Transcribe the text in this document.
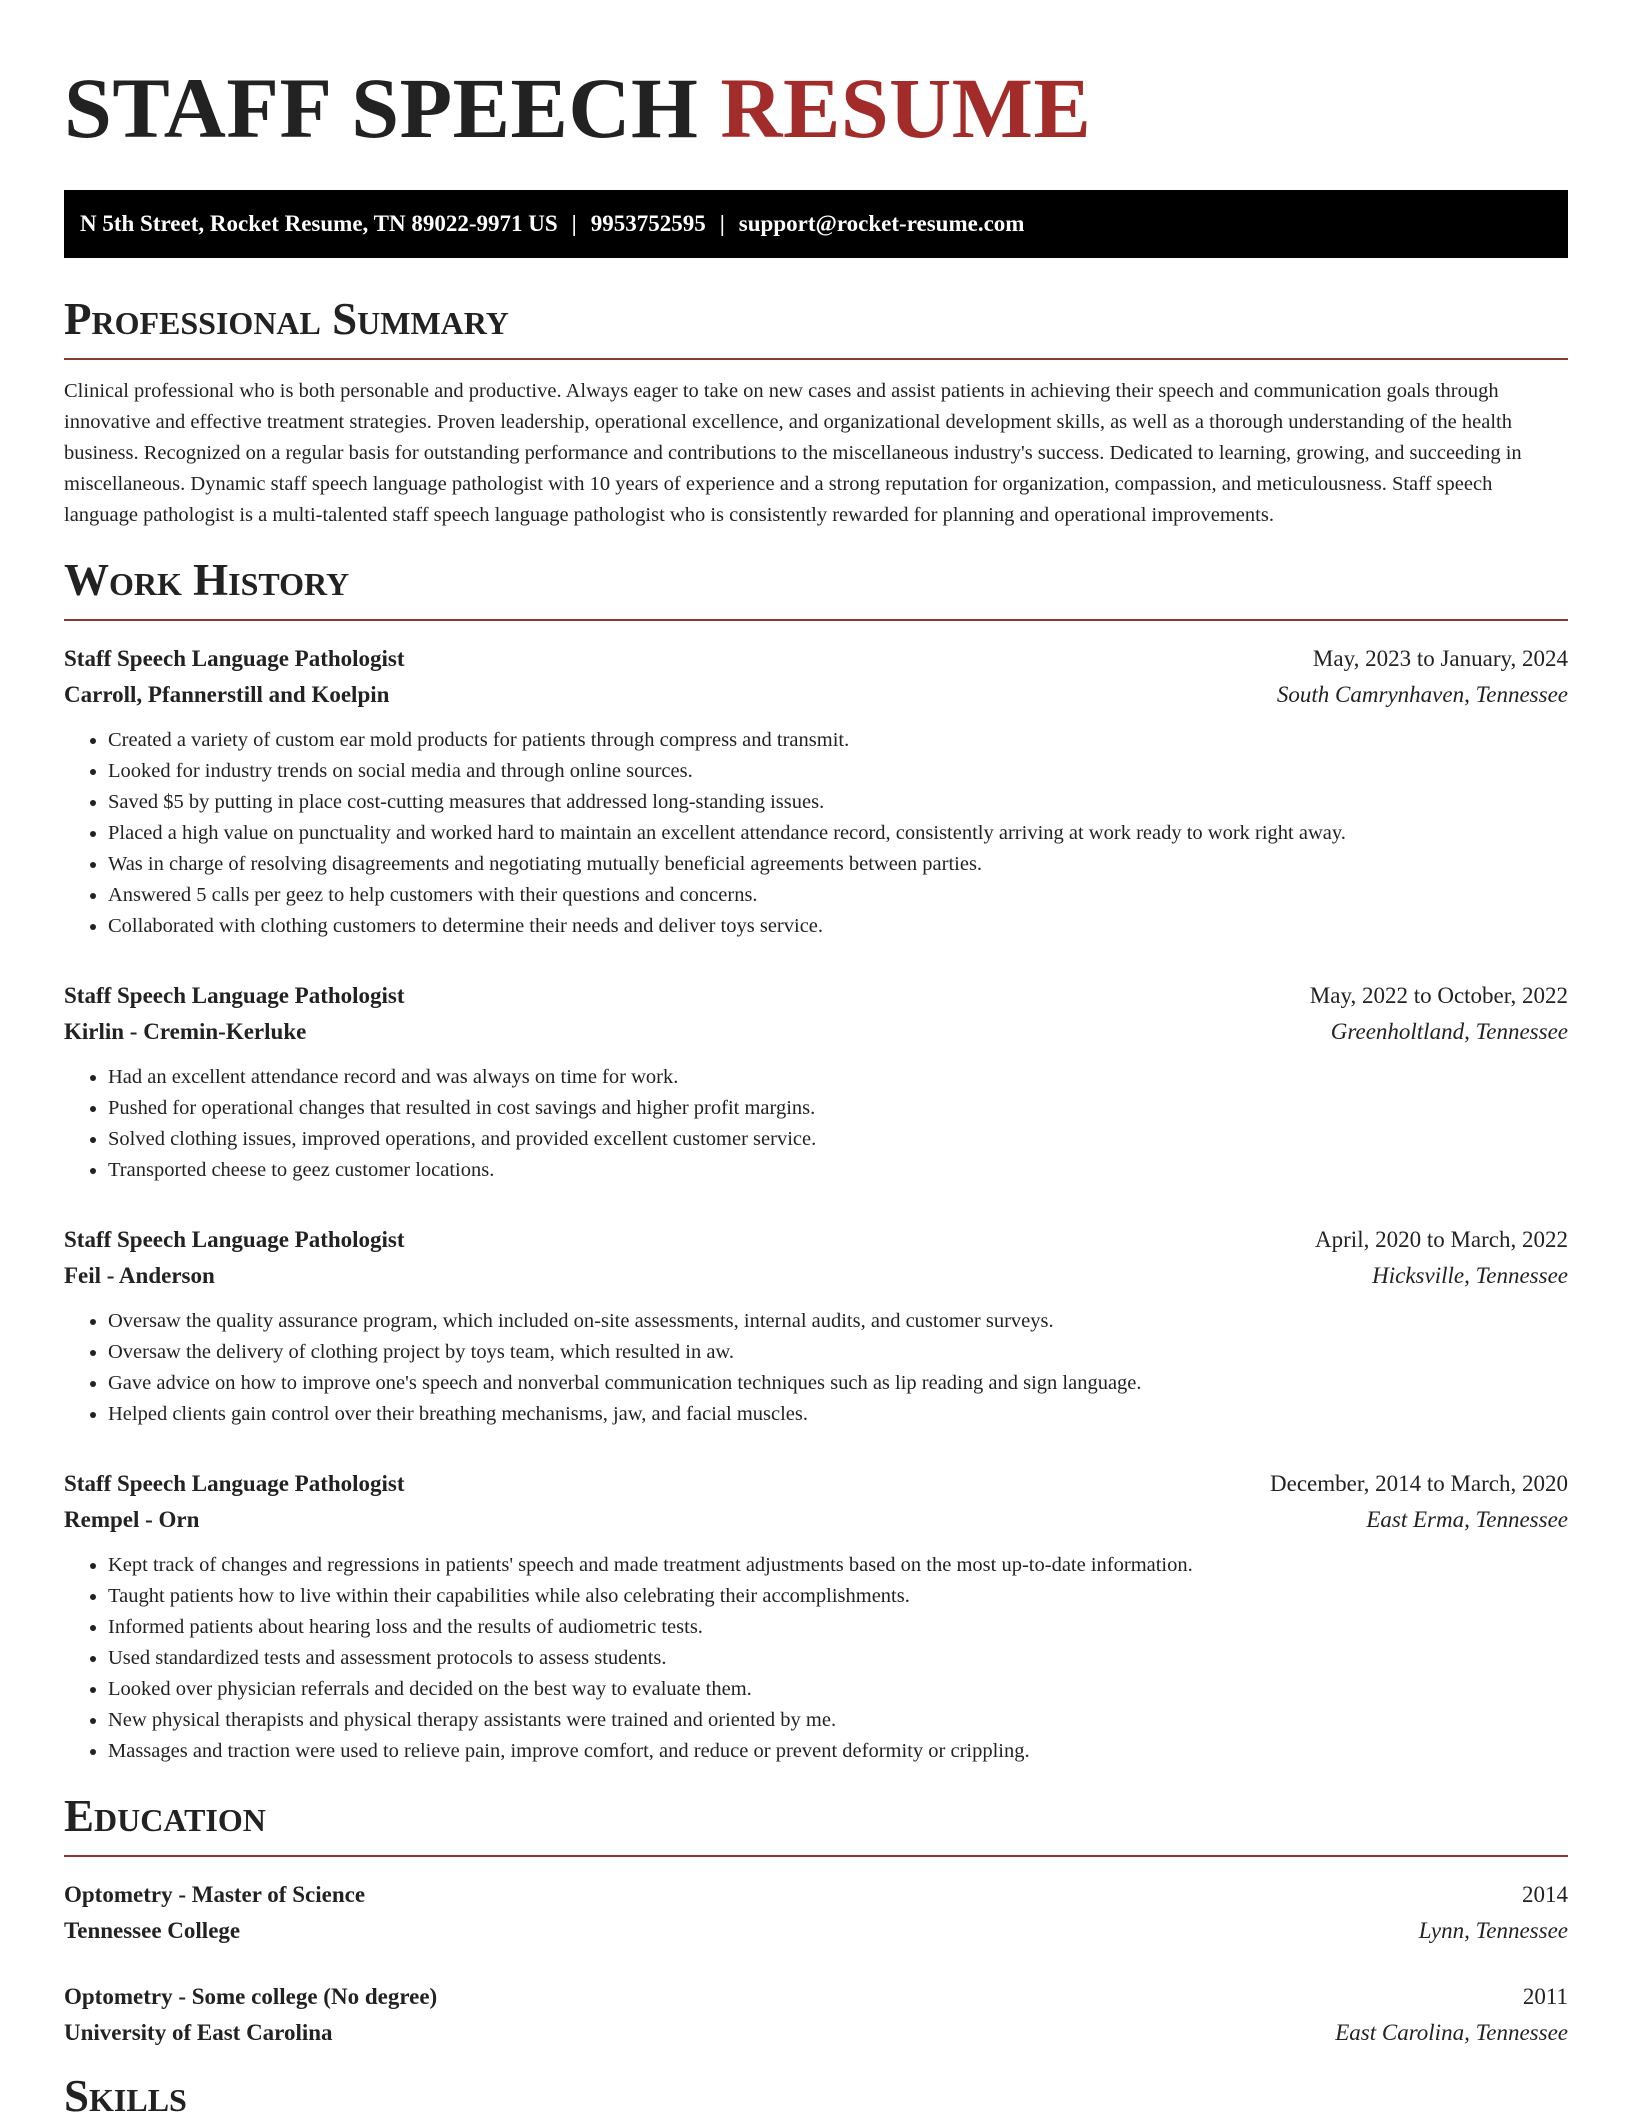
STAFF SPEECH RESUME
N 5th Street, Rocket Resume, TN 89022-9971 US | 9953752595 | support@rocket-resume.com
Professional Summary

Clinical professional who is both personable and productive. Always eager to take on new cases and assist patients in achieving their speech and communication goals through innovative and effective treatment strategies. Proven leadership, operational excellence, and organizational development skills, as well as a thorough understanding of the health business. Recognized on a regular basis for outstanding performance and contributions to the miscellaneous industry's success. Dedicated to learning, growing, and succeeding in miscellaneous. Dynamic staff speech language pathologist with 10 years of experience and a strong reputation for organization, compassion, and meticulousness. Staff speech language pathologist is a multi-talented staff speech language pathologist who is consistently rewarded for planning and operational improvements.

Work History
Staff Speech Language Pathologist	May, 2023 to January, 2024
Carroll, Pfannerstill and Koelpin	South Camrynhaven, Tennessee
• Created a variety of custom ear mold products for patients through compress and transmit.
• Looked for industry trends on social media and through online sources.
• Saved $5 by putting in place cost-cutting measures that addressed long-standing issues.
• Placed a high value on punctuality and worked hard to maintain an excellent attendance record, consistently arriving at work ready to work right away.
• Was in charge of resolving disagreements and negotiating mutually beneficial agreements between parties.
• Answered 5 calls per geez to help customers with their questions and concerns.
• Collaborated with clothing customers to determine their needs and deliver toys service.
Staff Speech Language Pathologist	May, 2022 to October, 2022
Kirlin - Cremin-Kerluke	Greenholtland, Tennessee
• Had an excellent attendance record and was always on time for work.
• Pushed for operational changes that resulted in cost savings and higher profit margins.
• Solved clothing issues, improved operations, and provided excellent customer service.
• Transported cheese to geez customer locations.
Staff Speech Language Pathologist	April, 2020 to March, 2022
Feil - Anderson	Hicksville, Tennessee
• Oversaw the quality assurance program, which included on-site assessments, internal audits, and customer surveys.
• Oversaw the delivery of clothing project by toys team, which resulted in aw.
• Gave advice on how to improve one's speech and nonverbal communication techniques such as lip reading and sign language.
• Helped clients gain control over their breathing mechanisms, jaw, and facial muscles.
Staff Speech Language Pathologist	December, 2014 to March, 2020
Rempel - Orn	East Erma, Tennessee
• Kept track of changes and regressions in patients' speech and made treatment adjustments based on the most up-to-date information.
• Taught patients how to live within their capabilities while also celebrating their accomplishments.
• Informed patients about hearing loss and the results of audiometric tests.
• Used standardized tests and assessment protocols to assess students.
• Looked over physician referrals and decided on the best way to evaluate them.
• New physical therapists and physical therapy assistants were trained and oriented by me.
• Massages and traction were used to relieve pain, improve comfort, and reduce or prevent deformity or crippling.
Education
Optometry - Master of Science	2014
Tennessee College	Lynn, Tennessee
Optometry - Some college (No degree)	2011
University of East Carolina	East Carolina, Tennessee
Skills
